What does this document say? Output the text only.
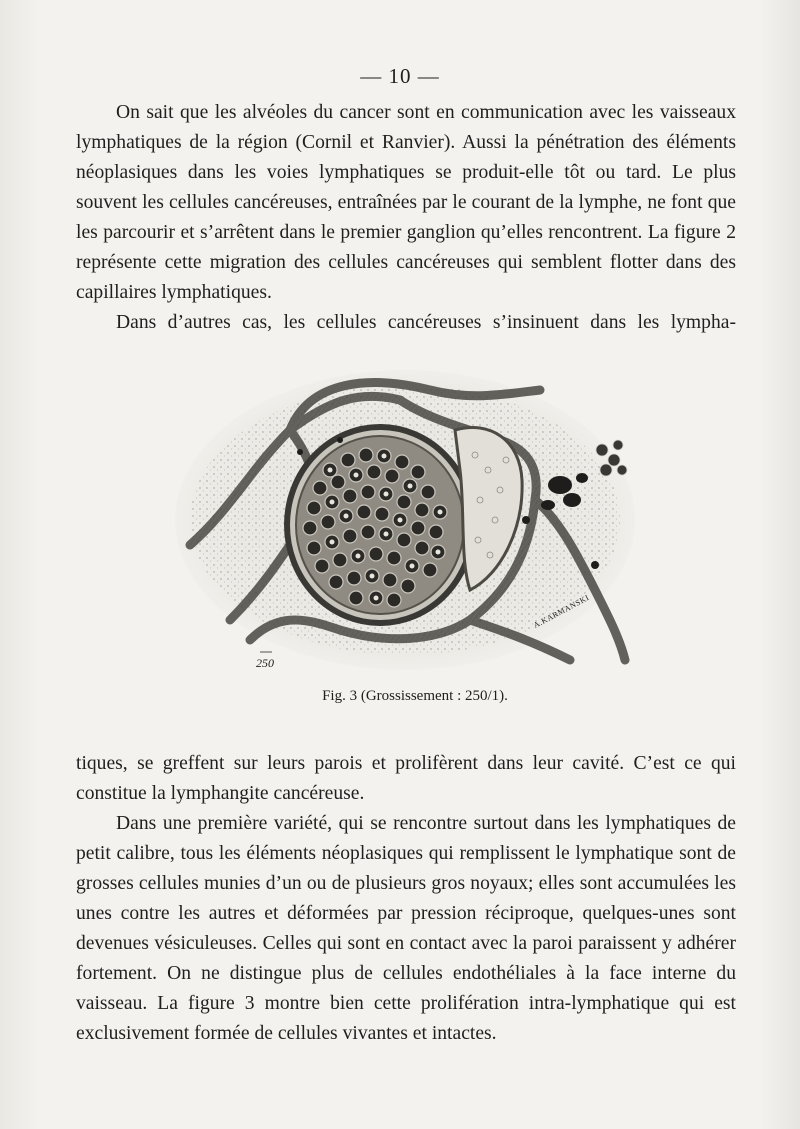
— 10 —

On sait que les alvéoles du cancer sont en communication avec les vaisseaux lymphatiques de la région (Cornil et Ranvier). Aussi la pénétration des éléments néoplasiques dans les voies lymphatiques se produit-elle tôt ou tard. Le plus souvent les cellules cancéreuses, entraînées par le courant de la lymphe, ne font que les parcourir et s’arrêtent dans le premier ganglion qu’elles rencontrent. La figure 2 représente cette migration des cellules cancéreuses qui semblent flotter dans des capillaires lymphatiques.

Dans d’autres cas, les cellules cancéreuses s’insinuent dans les lympha-

250
A.KARMANSKI
Fig. 3 (Grossissement : 250/1).

tiques, se greffent sur leurs parois et prolifèrent dans leur cavité. C’est ce qui constitue la lymphangite cancéreuse.

Dans une première variété, qui se rencontre surtout dans les lymphatiques de petit calibre, tous les éléments néoplasiques qui remplissent le lymphatique sont de grosses cellules munies d’un ou de plusieurs gros noyaux; elles sont accumulées les unes contre les autres et déformées par pression réciproque, quelques-unes sont devenues vésiculeuses. Celles qui sont en contact avec la paroi paraissent y adhérer fortement. On ne distingue plus de cellules endothéliales à la face interne du vaisseau. La figure 3 montre bien cette prolifération intra-lymphatique qui est exclusivement formée de cellules vivantes et intactes.
